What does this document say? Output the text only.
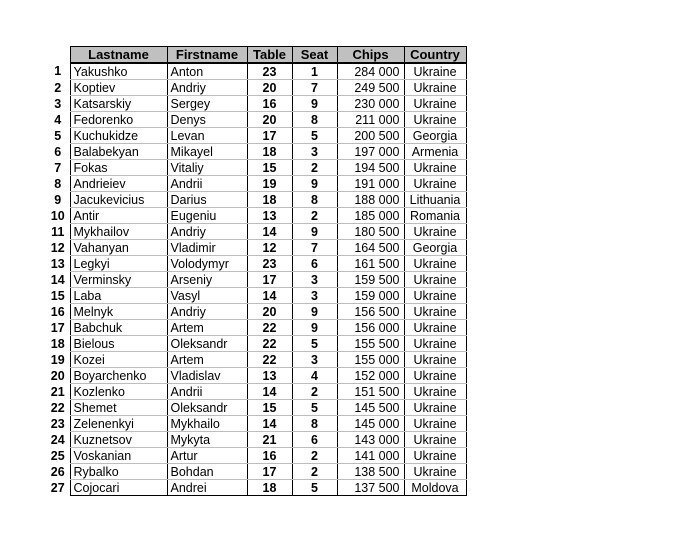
	Lastname	Firstname	Table	Seat	Chips	Country
1	Yakushko	Anton	23	1	284 000	Ukraine
2	Koptiev	Andriy	20	7	249 500	Ukraine
3	Katsarskiy	Sergey	16	9	230 000	Ukraine
4	Fedorenko	Denys	20	8	211 000	Ukraine
5	Kuchukidze	Levan	17	5	200 500	Georgia
6	Balabekyan	Mikayel	18	3	197 000	Armenia
7	Fokas	Vitaliy	15	2	194 500	Ukraine
8	Andrieiev	Andrii	19	9	191 000	Ukraine
9	Jacukevicius	Darius	18	8	188 000	Lithuania
10	Antir	Eugeniu	13	2	185 000	Romania
11	Mykhailov	Andriy	14	9	180 500	Ukraine
12	Vahanyan	Vladimir	12	7	164 500	Georgia
13	Legkyi	Volodymyr	23	6	161 500	Ukraine
14	Verminsky	Arseniy	17	3	159 500	Ukraine
15	Laba	Vasyl	14	3	159 000	Ukraine
16	Melnyk	Andriy	20	9	156 500	Ukraine
17	Babchuk	Artem	22	9	156 000	Ukraine
18	Bielous	Oleksandr	22	5	155 500	Ukraine
19	Kozei	Artem	22	3	155 000	Ukraine
20	Boyarchenko	Vladislav	13	4	152 000	Ukraine
21	Kozlenko	Andrii	14	2	151 500	Ukraine
22	Shemet	Oleksandr	15	5	145 500	Ukraine
23	Zelenenkyi	Mykhailo	14	8	145 000	Ukraine
24	Kuznetsov	Mykyta	21	6	143 000	Ukraine
25	Voskanian	Artur	16	2	141 000	Ukraine
26	Rybalko	Bohdan	17	2	138 500	Ukraine
27	Cojocari	Andrei	18	5	137 500	Moldova
